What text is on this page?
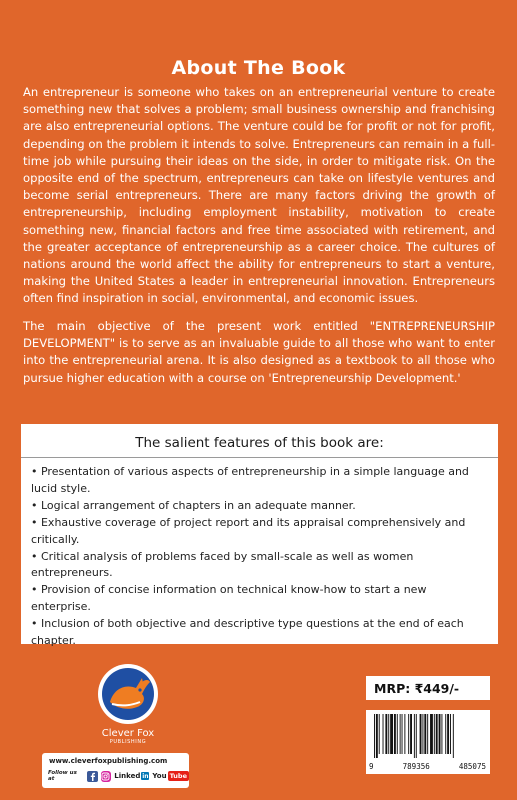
About The Book

An entrepreneur is someone who takes on an entrepreneurial venture to create something new that solves a problem; small business ownership and franchising are also entrepreneurial options. The venture could be for profit or not for profit, depending on the problem it intends to solve. Entrepreneurs can remain in a full-time job while pursuing their ideas on the side, in order to mitigate risk. On the opposite end of the spectrum, entrepreneurs can take on lifestyle ventures and become serial entrepreneurs. There are many factors driving the growth of entrepreneurship, including employment instability, motivation to create something new, financial factors and free time associated with retirement, and the greater acceptance of entrepreneurship as a career choice. The cultures of nations around the world affect the ability for entrepreneurs to start a venture, making the United States a leader in entrepreneurial innovation. Entrepreneurs often find inspiration in social, environmental, and economic issues.

The main objective of the present work entitled "ENTREPRENEURSHIP DEVELOPMENT" is to serve as an invaluable guide to all those who want to enter into the entrepreneurial arena. It is also designed as a textbook to all those who pursue higher education with a course on 'Entrepreneurship Development.'

The salient features of this book are:
• Presentation of various aspects of entrepreneurship in a simple language and lucid style.
• Logical arrangement of chapters in an adequate manner.
• Exhaustive coverage of project report and its appraisal comprehensively and critically.
• Critical analysis of problems faced by small-scale as well as women entrepreneurs.
• Provision of concise information on technical know-how to start a new enterprise.
• Inclusion of both objective and descriptive type questions at the end of each chapter.
Clever Fox
PUBLISHING
www.cleverfoxpublishing.com
Follow us at	Linked in You Tube
MRP: ₹449/-
9	789356	485075
